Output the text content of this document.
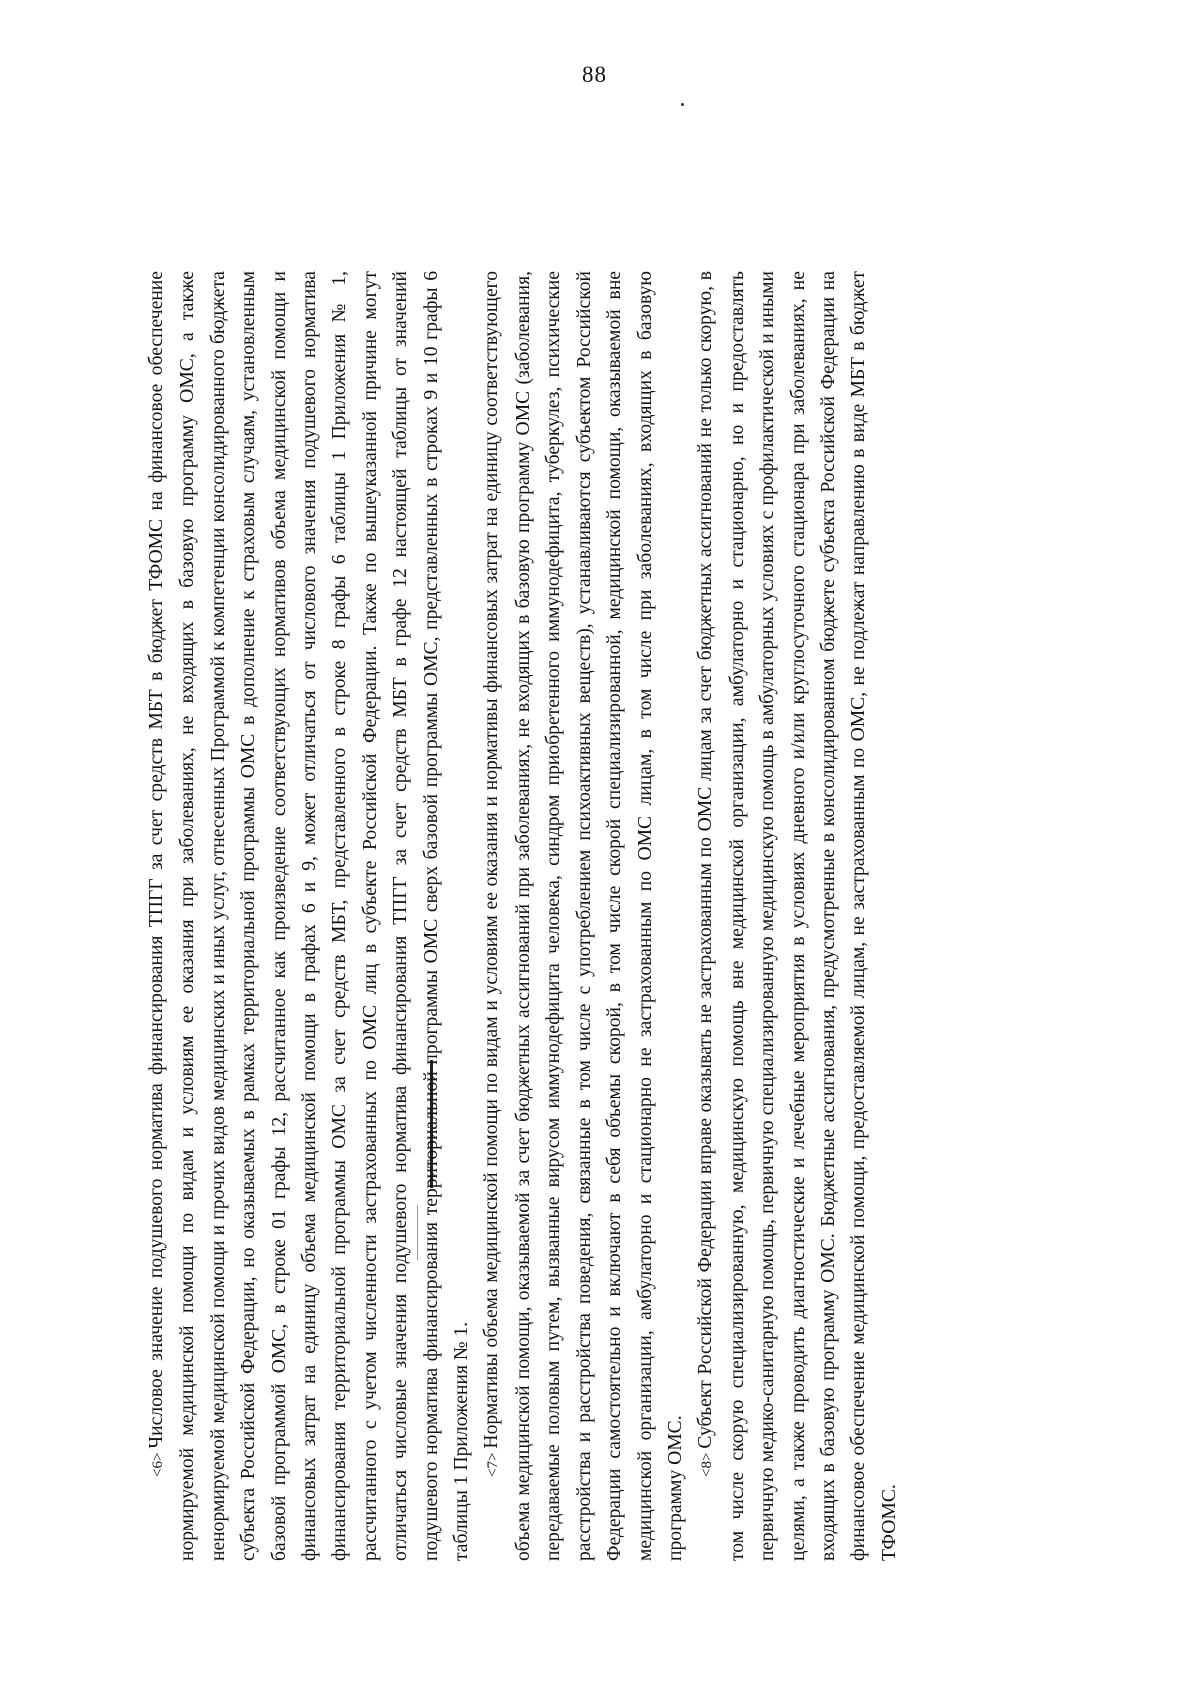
88

<6>Числовое значение подушевого норматива финансирования ТПГГ за счет средств МБТ в бюджет ТФОМС на финансовое обеспечение нормируемой медицинской помощи по видам и условиям ее оказания при заболеваниях, не входящих в базовую программу ОМС, а также ненормируемой медицинской помощи и прочих видов медицинских и иных услуг, отнесенных Программой к компетенции консолидированного бюджета субъекта Российской Федерации, но оказываемых в рамках территориальной программы ОМС в дополнение к страховым случаям, установленным базовой программой ОМС, в строке 01 графы 12, рассчитанное как произведение соответствующих нормативов объема медицинской помощи и финансовых затрат на единицу объема медицинской помощи в графах 6 и 9, может отличаться от числового значения подушевого норматива финансирования территориальной программы ОМС за счет средств МБТ, представленного в строке 8 графы 6 таблицы 1 Приложения № 1, рассчитанного с учетом численности застрахованных по ОМС лиц в субъекте Российской Федерации. Также по вышеуказанной причине могут отличаться числовые значения подушевого норматива финансирования ТПГГ за счет средств МБТ в графе 12 настоящей таблицы от значений подушевого норматива финансирования территориальной программы ОМС сверх базовой программы ОМС, представленных в строках 9 и 10 графы 6 таблицы 1 Приложения № 1. <7>Нормативы объема медицинской помощи по видам и условиям ее оказания и нормативы финансовых затрат на единицу соответствующего объема медицинской помощи, оказываемой за счет бюджетных ассигнований при заболеваниях, не входящих в базовую программу ОМС (заболевания, передаваемые половым путем, вызванные вирусом иммунодефицита человека, синдром приобретенного иммунодефицита, туберкулез, психические расстройства и расстройства поведения, связанные в том числе с употреблением психоактивных веществ), устанавливаются субъектом Российской Федерации самостоятельно и включают в себя объемы скорой, в том числе скорой специализированной, медицинской помощи, оказываемой вне медицинской организации, амбулаторно и стационарно не застрахованным по ОМС лицам, в том числе при заболеваниях, входящих в базовую программу ОМС. <8>Субъект Российской Федерации вправе оказывать не застрахованным по ОМС лицам за счет бюджетных ассигнований не только скорую, в том числе скорую специализированную, медицинскую помощь вне медицинской организации, амбулаторно и стационарно, но и предоставлять первичную медико-санитарную помощь, первичную специализированную медицинскую помощь в амбулаторных условиях с профилактической и иными целями, а также проводить диагностические и лечебные мероприятия в условиях дневного и/или круглосуточного стационара при заболеваниях, не входящих в базовую программу ОМС. Бюджетные ассигнования, предусмотренные в консолидированном бюджете субъекта Российской Федерации на финансовое обеспечение медицинской помощи, предоставляемой лицам, не застрахованным по ОМС, не подлежат направлению в виде МБТ в бюджет ТФОМС.
